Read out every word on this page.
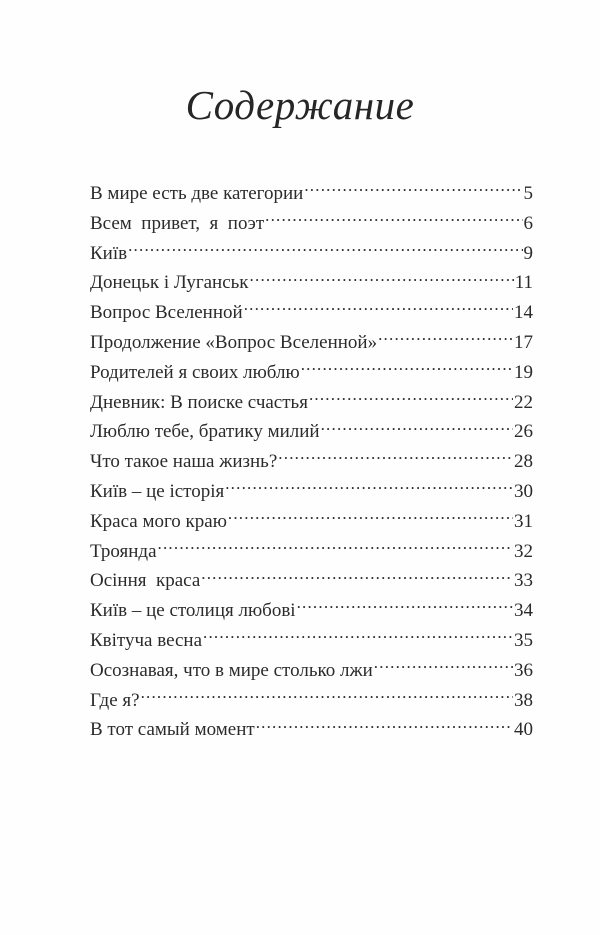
Содержание
В мире есть две категории .....	5
Всем  привет,  я  поэт .....	6
Київ .....	9
Донецьк і Луганськ .....	11
Вопрос Вселенной .....	14
Продолжение «Вопрос Вселенной» .....	17
Родителей я своих люблю .....	19
Дневник: В поиске счастья .....	22
Люблю тебе, братику милий .....	26
Что такое наша жизнь? .....	28
Київ – це історія .....	30
Краса мого краю .....	31
Троянда .....	32
Осіння  краса .....	33
Київ – це столиця любові .....	34
Квітуча весна .....	35
Осознавая, что в мире столько лжи .....	36
Где я? .....	38
В тот самый момент .....	40
